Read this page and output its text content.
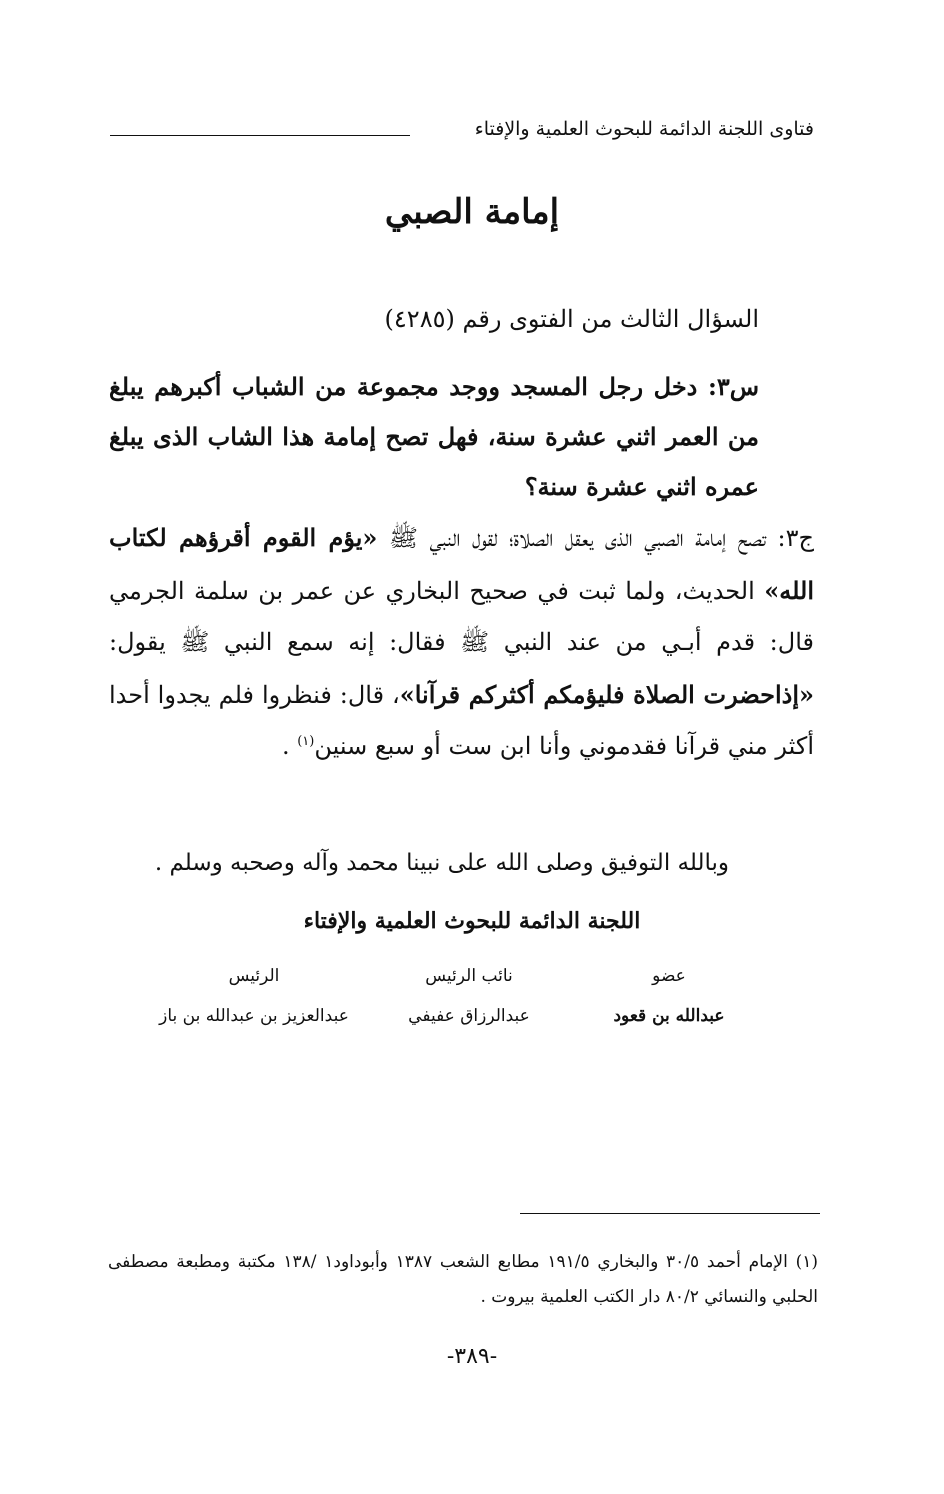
فتاوى اللجنة الدائمة للبحوث العلمية والإفتاء
إمامة الصبي
السؤال الثالث من الفتوى رقم (٤٢٨٥)
س٣: دخل رجل المسجد ووجد مجموعة من الشباب أكبرهم يبلغ من العمر اثني عشرة سنة، فهل تصح إمامة هذا الشاب الذى يبلغ عمره اثني عشرة سنة؟
ج٣: تصح إمامة الصبي الذى يعقل الصلاة؛ لقول النبي ﷺ «يؤم القوم أقرؤهم لكتاب الله» الحديث، ولما ثبت في صحيح البخاري عن عمر بن سلمة الجرمي قال: قدم أبـي من عند النبي ﷺ فقال: إنه سمع النبي ﷺ يقول: «إذاحضرت الصلاة فليؤمكم أكثركم قرآنا»، قال: فنظروا فلم يجدوا أحدا أكثر مني قرآنا فقدموني وأنا ابن ست أو سبع سنين$^{(١)}$ .
وبالله التوفيق وصلى الله على نبينا محمد وآله وصحبه وسلم .
اللجنة الدائمة للبحوث العلمية والإفتاء
عضو
عبدالله بن قعود
نائب الرئيس
عبدالرزاق عفيفي
الرئيس
عبدالعزيز بن عبدالله بن باز
(١) الإمام أحمد ٣٠/٥ والبخاري ١٩١/٥ مطابع الشعب ١٣٨٧ وأبوداود١ /١٣٨ مكتبة ومطبعة مصطفى الحلبي والنسائي ٨٠/٢ دار الكتب العلمية بيروت .
-٣٨٩-
